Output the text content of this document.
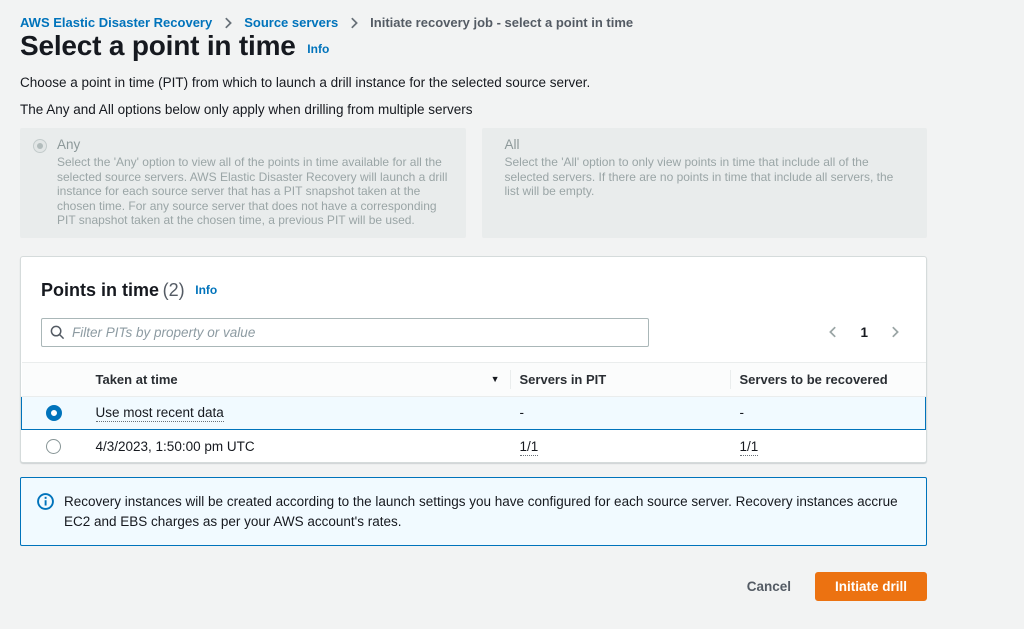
AWS Elastic Disaster Recovery Source servers Initiate recovery job - select a point in time
Select a point in time Info

Choose a point in time (PIT) from which to launch a drill instance for the selected source server.

The Any and All options below only apply when drilling from multiple servers

Any
Select the 'Any' option to view all of the points in time available for all the selected source servers. AWS Elastic Disaster Recovery will launch a drill instance for each source server that has a PIT snapshot taken at the chosen time. For any source server that does not have a corresponding PIT snapshot taken at the chosen time, a previous PIT will be used.
All
Select the 'All' option to only view points in time that include all of the selected servers. If there are no points in time that include all servers, the list will be empty.
Points in time (2) Info
Filter PITs by property or value
1
	Taken at time ▼	Servers in PIT	Servers to be recovered
	Use most recent data	-	-
	4/3/2023, 1:50:00 pm UTC	1/1	1/1
Recovery instances will be created according to the launch settings you have configured for each source server. Recovery instances accrue EC2 and EBS charges as per your AWS account's rates.
Cancel	Initiate drill
